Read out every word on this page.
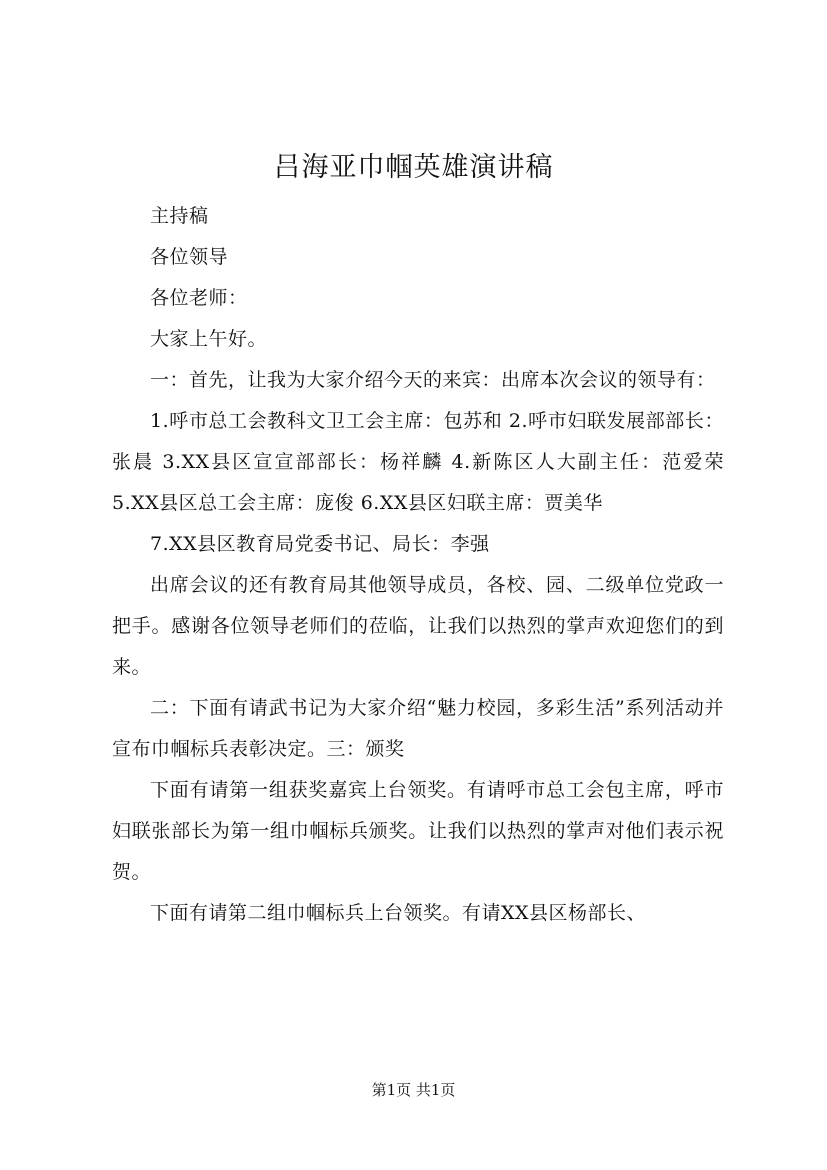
吕海亚巾帼英雄演讲稿

主持稿

各位领导

各位老师：

大家上午好。

一：首先，让我为大家介绍今天的来宾：出席本次会议的领导有：

1.呼市总工会教科文卫工会主席：包苏和 2.呼市妇联发展部部长：张晨 3.XX县区宣宣部部长：杨祥麟 4.新陈区人大副主任：范爱荣 5.XX县区总工会主席：庞俊 6.XX县区妇联主席：贾美华

7.XX县区教育局党委书记、局长：李强

出席会议的还有教育局其他领导成员，各校、园、二级单位党政一把手。感谢各位领导老师们的莅临，让我们以热烈的掌声欢迎您们的到来。

二：下面有请武书记为大家介绍“魅力校园，多彩生活”系列活动并宣布巾帼标兵表彰决定。三：颁奖

下面有请第一组获奖嘉宾上台领奖。有请呼市总工会包主席，呼市妇联张部长为第一组巾帼标兵颁奖。让我们以热烈的掌声对他们表示祝贺。

下面有请第二组巾帼标兵上台领奖。有请XX县区杨部长、

第1页 共1页
